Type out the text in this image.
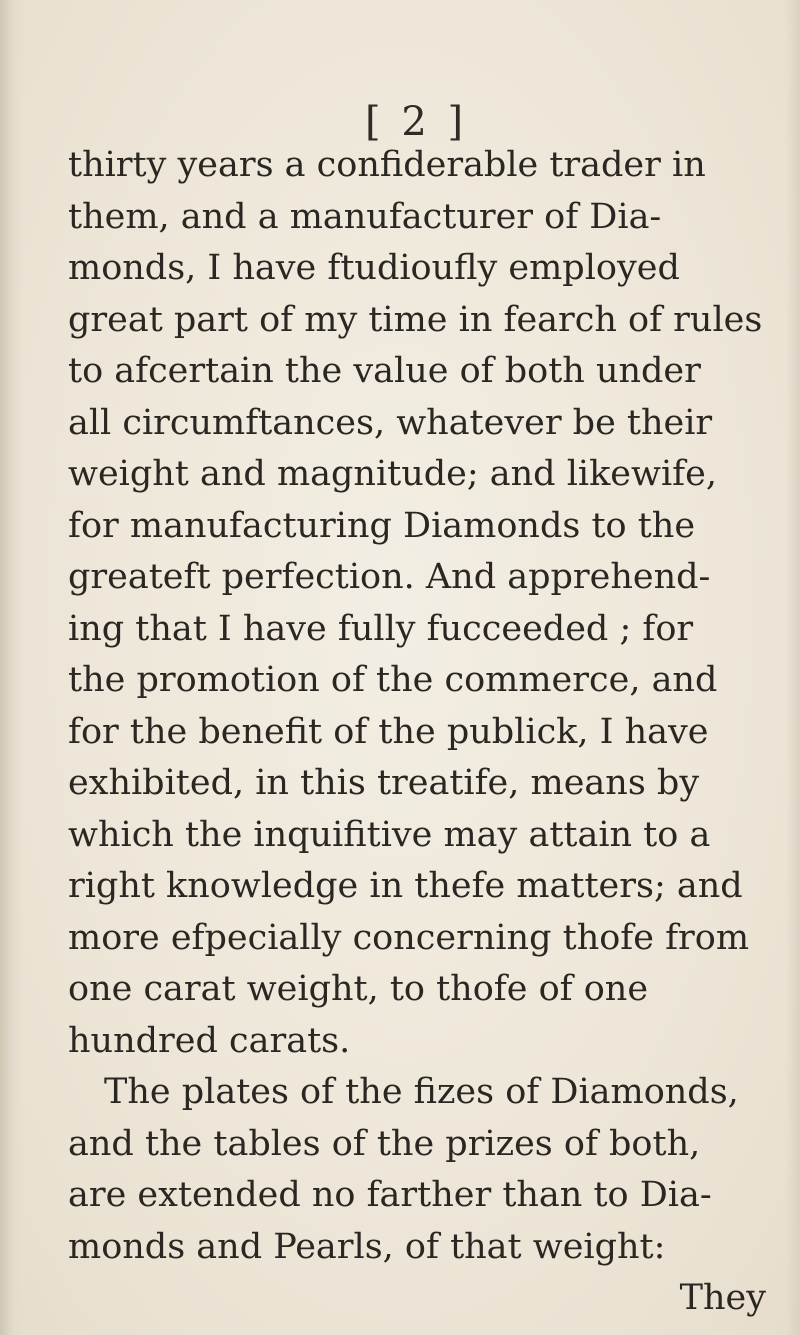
[ 2 ]
thirty years a confiderable trader in
them, and a manufacturer of Dia-
monds, I have ftudioufly employed
great part of my time in fearch of rules
to afcertain the value of both under
all circumftances, whatever be their
weight and magnitude; and likewife,
for manufacturing Diamonds to the
greateft perfection. And apprehend-
ing that I have fully fucceeded ; for
the promotion of the commerce, and
for the benefit of the publick, I have
exhibited, in this treatife, means by
which the inquifitive may attain to a
right knowledge in thefe matters; and
more efpecially concerning thofe from
one carat weight, to thofe of one
hundred carats.
The plates of the fizes of Diamonds,
and the tables of the prizes of both,
are extended no farther than to Dia-
monds and Pearls, of that weight:
They
